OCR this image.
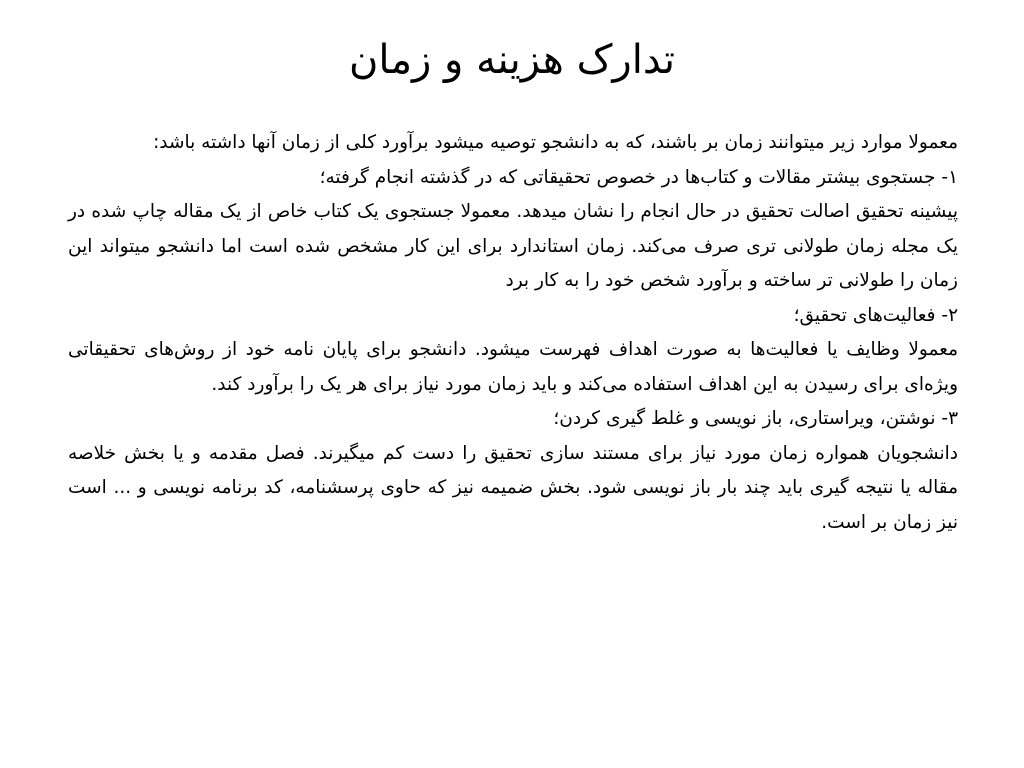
تدارک هزینه و زمان

معمولا موارد زیر میتوانند زمان بر باشند، که به دانشجو توصیه میشود برآورد کلی از زمان آنها داشته باشد:

۱- جستجوی بیشتر مقالات و کتاب‌ها در خصوص تحقیقاتی که در گذشته انجام گرفته؛

پیشینه تحقیق اصالت تحقیق در حال انجام را نشان میدهد. معمولا جستجوی یک کتاب خاص از یک مقاله چاپ شده در یک مجله زمان طولانی تری صرف می‌کند. زمان استاندارد برای این کار مشخص شده است اما دانشجو میتواند این زمان را طولانی تر ساخته و برآورد شخص خود را به کار برد

۲- فعالیت‌های تحقیق؛

معمولا وظایف یا فعالیت‌ها به صورت اهداف فهرست میشود. دانشجو برای پایان نامه خود از روش‌های تحقیقاتی ویژه‌ای برای رسیدن به این اهداف استفاده می‌کند و باید زمان مورد نیاز برای هر یک را برآورد کند.

۳- نوشتن، ویراستاری، باز نویسی و غلط گیری کردن؛

دانشجویان همواره زمان مورد نیاز برای مستند سازی تحقیق را دست کم میگیرند. فصل مقدمه و یا بخش خلاصه مقاله یا نتیجه گیری باید چند بار باز نویسی شود. بخش ضمیمه نیز که حاوی پرسشنامه، کد برنامه نویسی و ... است نیز زمان بر است.
